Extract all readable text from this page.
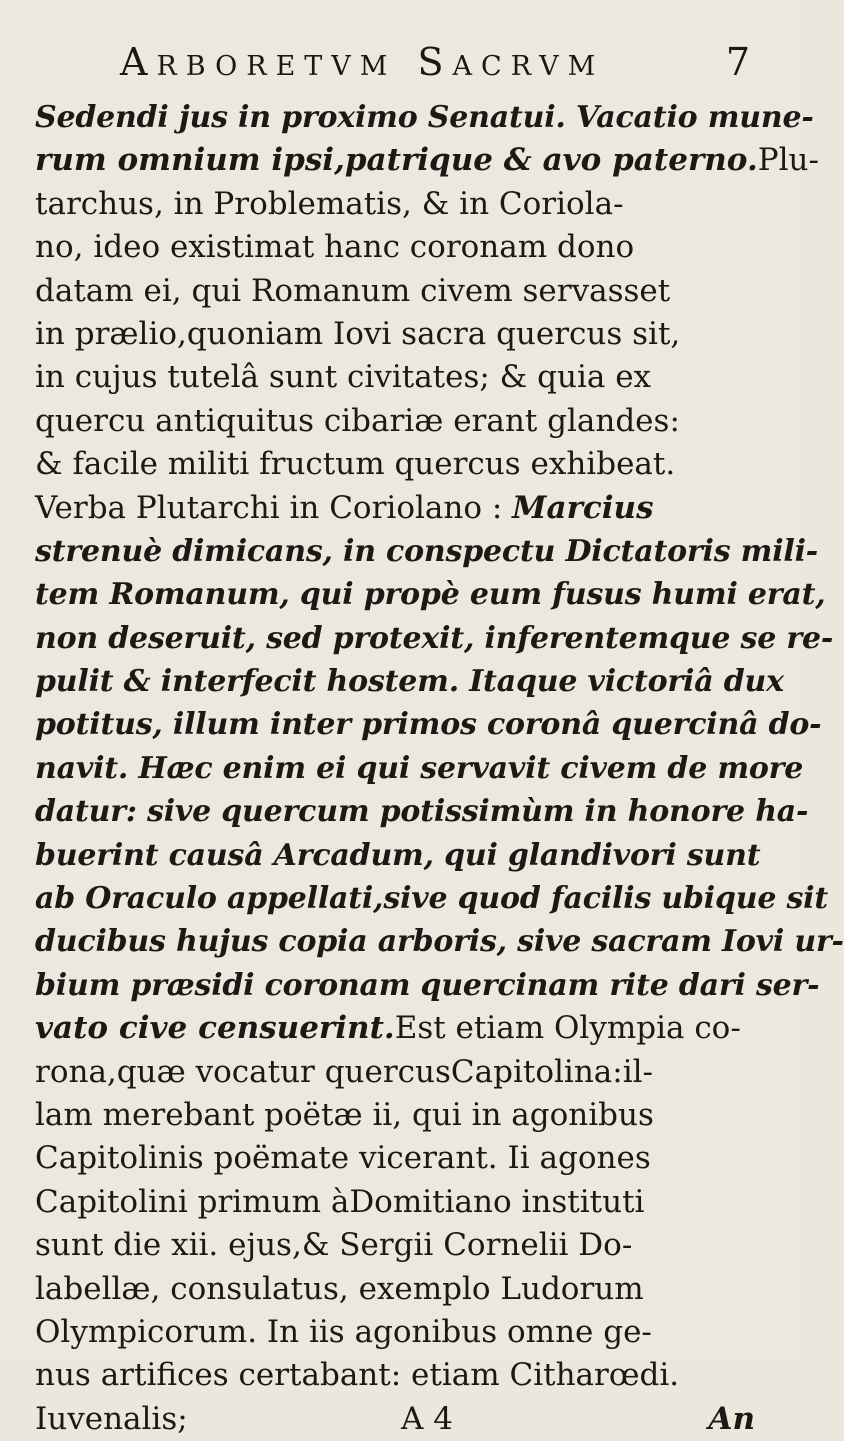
Arboretvm Sacrvm	7
Sedendi jus in proximo Senatui. Vacatio mune-
rum omnium ipsi,patrique & avo paterno.Plu-
tarchus, in Problematis, & in Coriola-
no, ideo existimat hanc coronam dono
datam ei, qui Romanum civem servasset
in prælio,quoniam Iovi sacra quercus sit,
in cujus tutelâ sunt civitates; & quia ex
quercu antiquitus cibariæ erant glandes:
& facile militi fructum quercus exhibeat.
Verba Plutarchi in Coriolano : Marcius
strenuè dimicans, in conspectu Dictatoris mili-
tem Romanum, qui propè eum fusus humi erat,
non deseruit, sed protexit, inferentemque se re-
pulit & interfecit hostem. Itaque victoriâ dux
potitus, illum inter primos coronâ quercinâ do-
navit. Hæc enim ei qui servavit civem de more
datur: sive quercum potissimùm in honore ha-
buerint causâ Arcadum, qui glandivori sunt
ab Oraculo appellati,sive quod facilis ubique sit
ducibus hujus copia arboris, sive sacram Iovi ur-
bium præsidi coronam quercinam rite dari ser-
vato cive censuerint.Est etiam Olympia co-
rona,quæ vocatur quercusCapitolina:il-
lam merebant poëtæ ii, qui in agonibus
Capitolinis poëmate vicerant. Ii agones
Capitolini primum àDomitiano instituti
sunt die xii. ejus,& Sergii Cornelii Do-
labellæ, consulatus, exemplo Ludorum
Olympicorum. In iis agonibus omne ge-
nus artifices certabant: etiam Citharœdi.
Iuvenalis;	A 4	An
